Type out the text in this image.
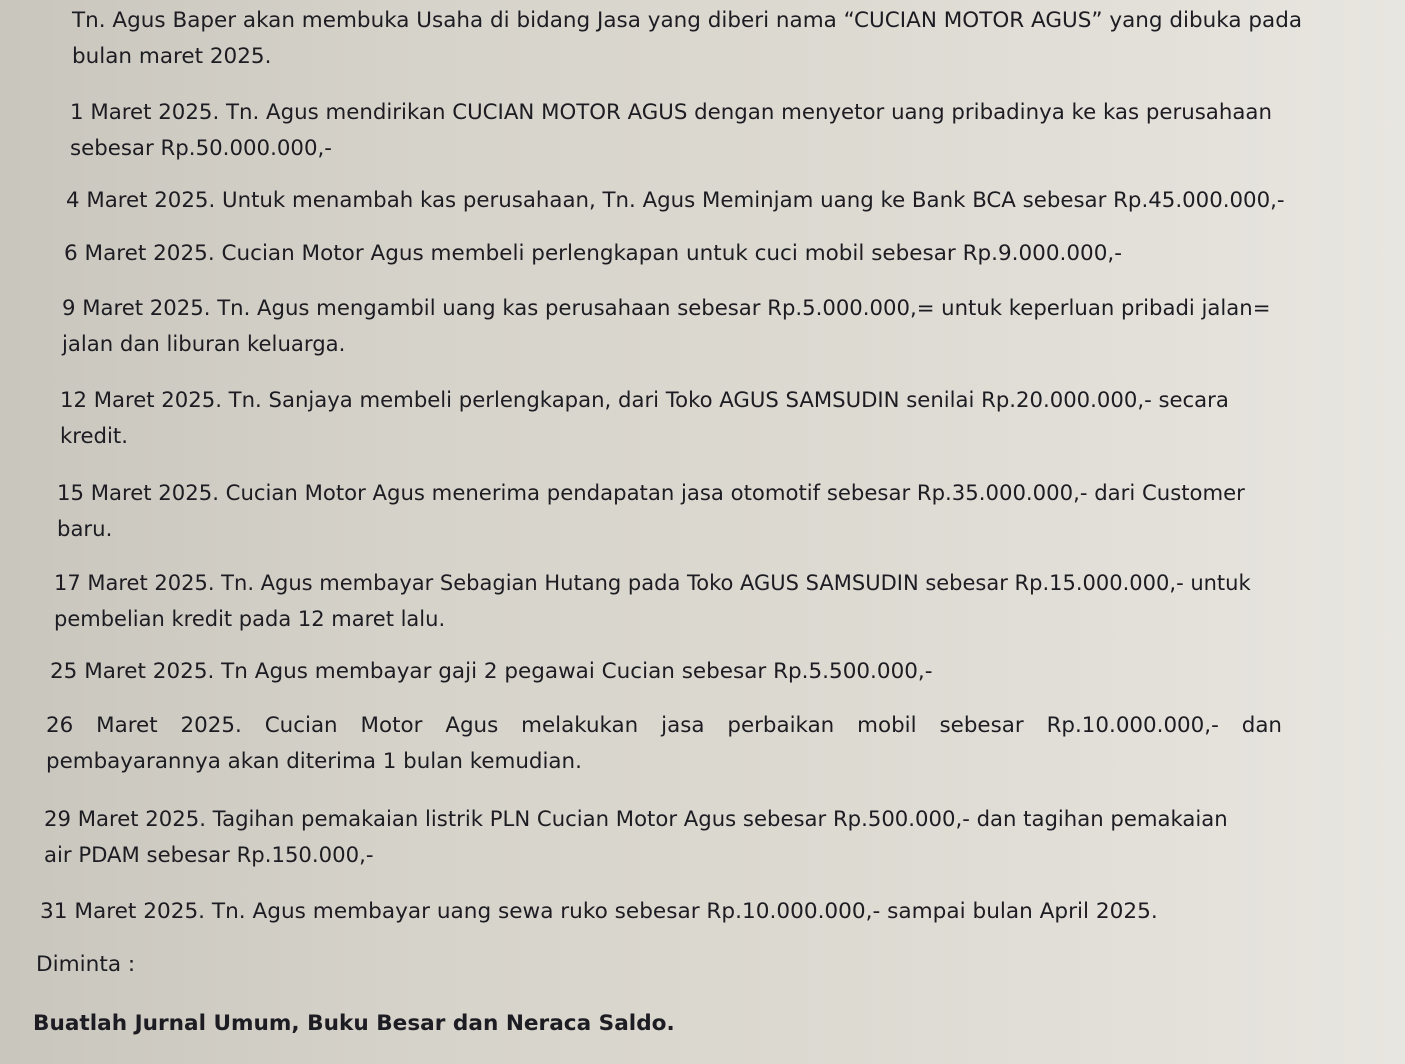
Tn. Agus Baper akan membuka Usaha di bidang Jasa yang diberi nama “CUCIAN MOTOR AGUS” yang dibuka pada
bulan maret 2025.
1 Maret 2025. Tn. Agus mendirikan CUCIAN MOTOR AGUS dengan menyetor uang pribadinya ke kas perusahaan
sebesar Rp.50.000.000,-
4 Maret 2025. Untuk menambah kas perusahaan, Tn. Agus Meminjam uang ke Bank BCA sebesar Rp.45.000.000,-
6 Maret 2025. Cucian Motor Agus membeli perlengkapan untuk cuci mobil sebesar Rp.9.000.000,-
9 Maret 2025. Tn. Agus mengambil uang kas perusahaan sebesar Rp.5.000.000,= untuk keperluan pribadi jalan=
jalan dan liburan keluarga.
12 Maret 2025. Tn. Sanjaya membeli perlengkapan, dari Toko AGUS SAMSUDIN senilai Rp.20.000.000,- secara
kredit.
15 Maret 2025. Cucian Motor Agus menerima pendapatan jasa otomotif sebesar Rp.35.000.000,- dari Customer
baru.
17 Maret 2025. Tn. Agus membayar Sebagian Hutang pada Toko AGUS SAMSUDIN sebesar Rp.15.000.000,- untuk
pembelian kredit pada 12 maret lalu.
25 Maret 2025. Tn Agus membayar gaji 2 pegawai Cucian sebesar Rp.5.500.000,-
26 Maret 2025. Cucian Motor Agus melakukan jasa perbaikan mobil sebesar Rp.10.000.000,- dan
pembayarannya akan diterima 1 bulan kemudian.
29 Maret 2025. Tagihan pemakaian listrik PLN Cucian Motor Agus sebesar Rp.500.000,- dan tagihan pemakaian
air PDAM sebesar Rp.150.000,-
31 Maret 2025. Tn. Agus membayar uang sewa ruko sebesar Rp.10.000.000,- sampai bulan April 2025.
Diminta :
Buatlah Jurnal Umum, Buku Besar dan Neraca Saldo.
